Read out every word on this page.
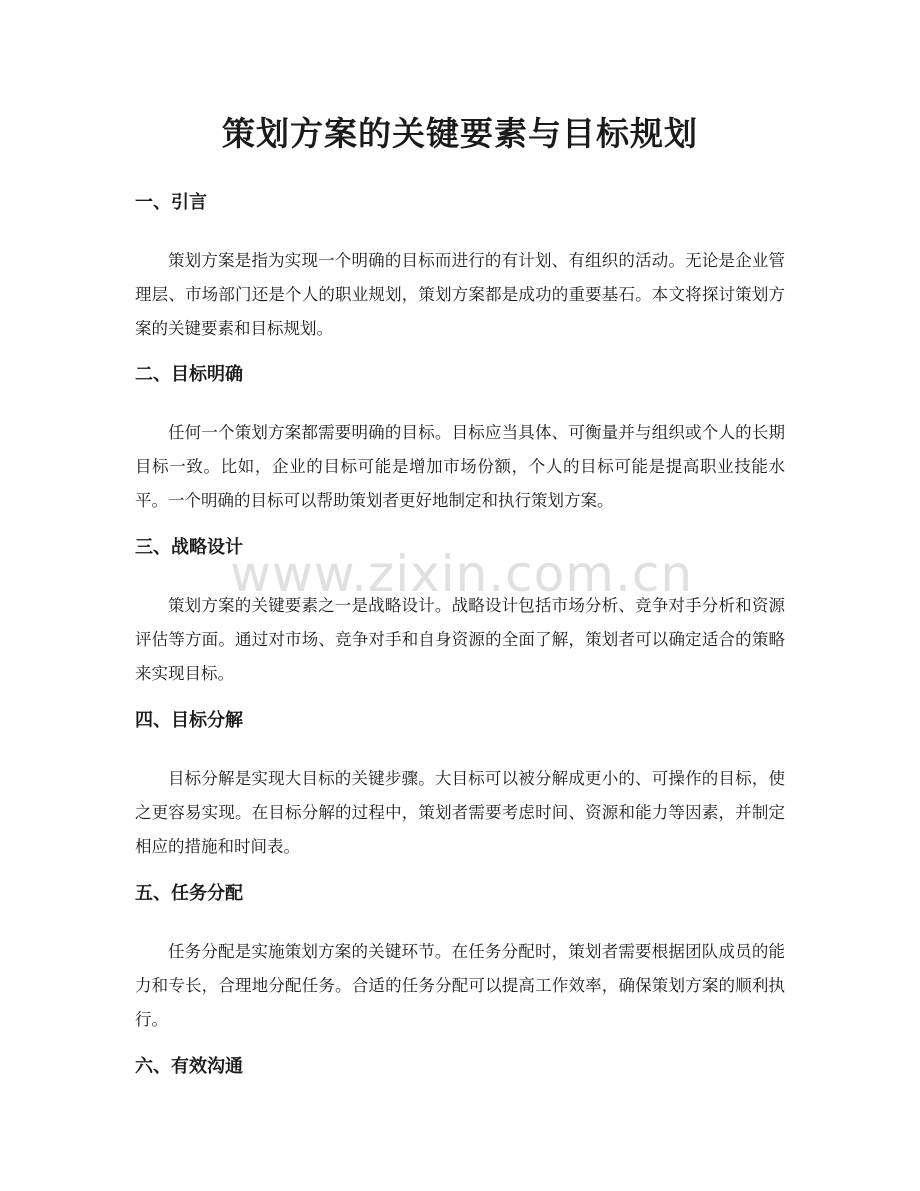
策划方案的关键要素与目标规划
一、引言

策划方案是指为实现一个明确的目标而进行的有计划、有组织的活动。无论是企业管理层、市场部门还是个人的职业规划，策划方案都是成功的重要基石。本文将探讨策划方案的关键要素和目标规划。

二、目标明确

任何一个策划方案都需要明确的目标。目标应当具体、可衡量并与组织或个人的长期目标一致。比如，企业的目标可能是增加市场份额，个人的目标可能是提高职业技能水平。一个明确的目标可以帮助策划者更好地制定和执行策划方案。

三、战略设计

策划方案的关键要素之一是战略设计。战略设计包括市场分析、竞争对手分析和资源评估等方面。通过对市场、竞争对手和自身资源的全面了解，策划者可以确定适合的策略来实现目标。

四、目标分解

目标分解是实现大目标的关键步骤。大目标可以被分解成更小的、可操作的目标，使之更容易实现。在目标分解的过程中，策划者需要考虑时间、资源和能力等因素，并制定相应的措施和时间表。

五、任务分配

任务分配是实施策划方案的关键环节。在任务分配时，策划者需要根据团队成员的能力和专长，合理地分配任务。合适的任务分配可以提高工作效率，确保策划方案的顺利执行。

六、有效沟通
www.zixin.com.cn
